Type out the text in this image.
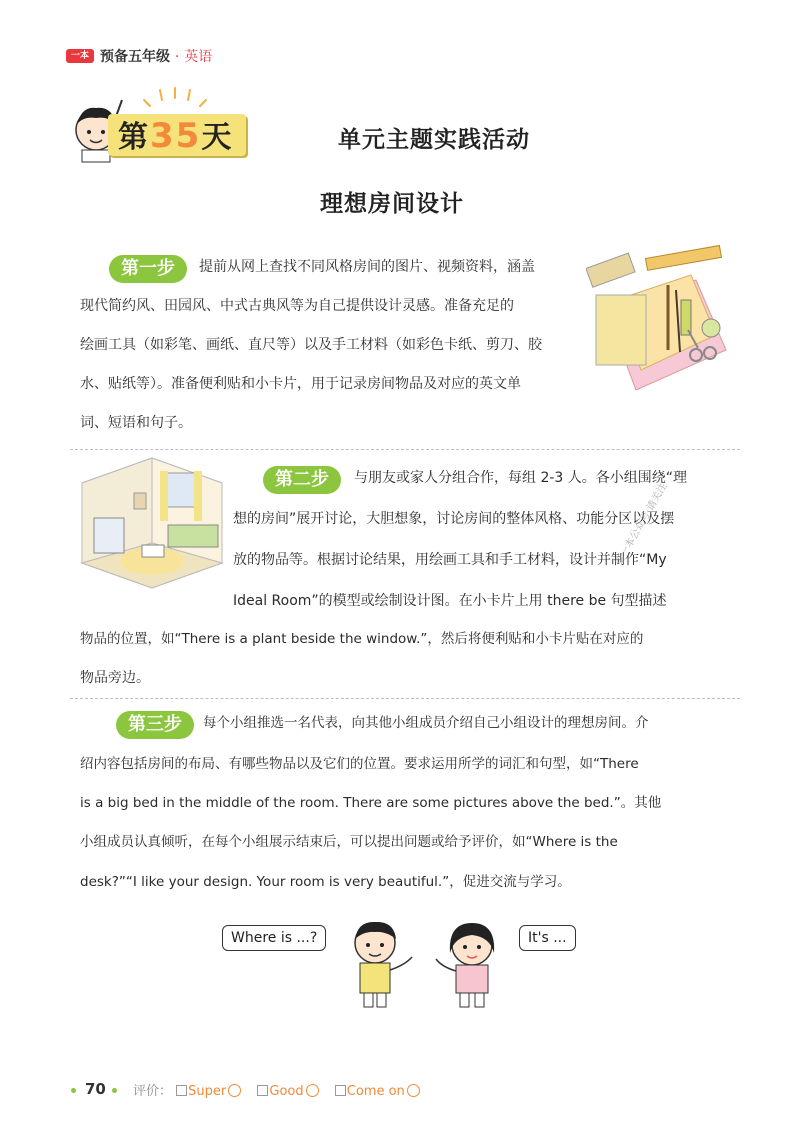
一本 预备五年级 · 英语
第35天	单元主题实践活动
理想房间设计
第一步	提前从网上查找不同风格房间的图片、视频资料，涵盖
现代简约风、田园风、中式古典风等为自己提供设计灵感。准备充足的
绘画工具（如彩笔、画纸、直尺等）以及手工材料（如彩色卡纸、剪刀、胶
水、贴纸等）。准备便利贴和小卡片，用于记录房间物品及对应的英文单
词、短语和句子。
第二步	与朋友或家人分组合作，每组 2-3 人。各小组围绕“理
想的房间”展开讨论，大胆想象，讨论房间的整体风格、功能分区以及摆
放的物品等。根据讨论结果，用绘画工具和手工材料，设计并制作“My
Ideal Room”的模型或绘制设计图。在小卡片上用 there be 句型描述
物品的位置，如“There is a plant beside the window.”，然后将便利贴和小卡片贴在对应的
物品旁边。
第一本公众号 请关注
第三步	每个小组推选一名代表，向其他小组成员介绍自己小组设计的理想房间。介
绍内容包括房间的布局、有哪些物品以及它们的位置。要求运用所学的词汇和句型，如“There
is a big bed in the middle of the room. There are some pictures above the bed.”。其他
小组成员认真倾听，在每个小组展示结束后，可以提出问题或给予评价，如“Where is the
desk?”“I like your design. Your room is very beautiful.”，促进交流与学习。
Where is ...?	It's ...
70 评价： Super	Good	Come on
